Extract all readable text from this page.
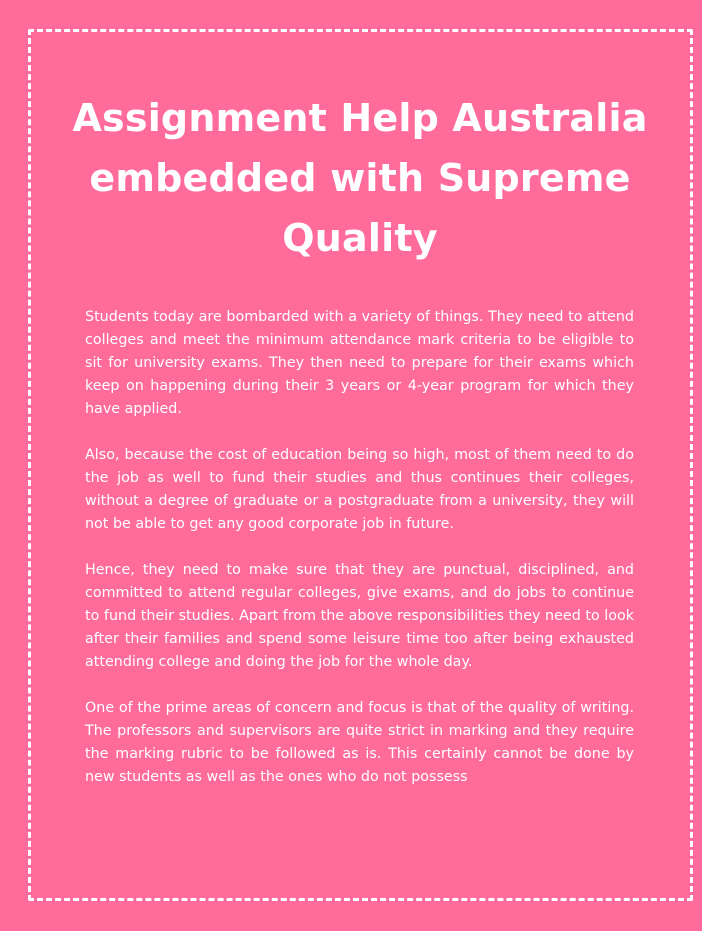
Assignment Help Australia embedded with Supreme Quality

Students today are bombarded with a variety of things. They need to attend colleges and meet the minimum attendance mark criteria to be eligible to sit for university exams. They then need to prepare for their exams which keep on happening during their 3 years or 4-year program for which they have applied.

Also, because the cost of education being so high, most of them need to do the job as well to fund their studies and thus continues their colleges, without a degree of graduate or a postgraduate from a university, they will not be able to get any good corporate job in future.

Hence, they need to make sure that they are punctual, disciplined, and committed to attend regular colleges, give exams, and do jobs to continue to fund their studies. Apart from the above responsibilities they need to look after their families and spend some leisure time too after being exhausted attending college and doing the job for the whole day.

One of the prime areas of concern and focus is that of the quality of writing. The professors and supervisors are quite strict in marking and they require the marking rubric to be followed as is. This certainly cannot be done by new students as well as the ones who do not possess
